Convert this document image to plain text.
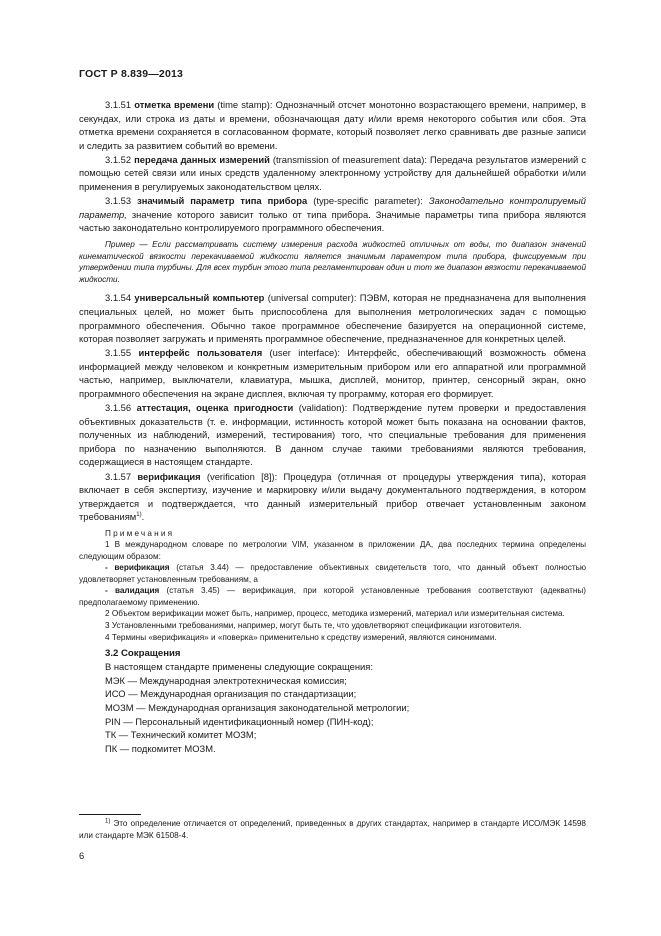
ГОСТ Р 8.839—2013

3.1.51 отметка времени (time stamp): Однозначный отсчет монотонно возрастающего времени, например, в секундах, или строка из даты и времени, обозначающая дату и/или время некоторого события или сбоя. Эта отметка времени сохраняется в согласованном формате, который позволяет легко сравнивать две разные записи и следить за развитием событий во времени.

3.1.52 передача данных измерений (transmission of measurement data): Передача результатов измерений с помощью сетей связи или иных средств удаленному электронному устройству для дальнейшей обработки и/или применения в регулируемых законодательством целях.

3.1.53 значимый параметр типа прибора (type-specific parameter): Законодательно контролируемый параметр, значение которого зависит только от типа прибора. Значимые параметры типа прибора являются частью законодательно контролируемого программного обеспечения.

Пример — Если рассматривать систему измерения расхода жидкостей отличных от воды, то диапазон значений кинематической вязкости перекачиваемой жидкости является значимым параметром типа прибора, фиксируемым при утверждении типа турбины. Для всех турбин этого типа регламентирован один и тот же диапазон вязкости перекачиваемой жидкости.

3.1.54 универсальный компьютер (universal computer): ПЭВМ, которая не предназначена для выполнения специальных целей, но может быть приспособлена для выполнения метрологических задач с помощью программного обеспечения. Обычно такое программное обеспечение базируется на операционной системе, которая позволяет загружать и применять программное обеспечение, предназначенное для конкретных целей.

3.1.55 интерфейс пользователя (user interface): Интерфейс, обеспечивающий возможность обмена информацией между человеком и конкретным измерительным прибором или его аппаратной или программной частью, например, выключатели, клавиатура, мышка, дисплей, монитор, принтер, сенсорный экран, окно программного обеспечения на экране дисплея, включая ту программу, которая его формирует.

3.1.56 аттестация, оценка пригодности (validation): Подтверждение путем проверки и предоставления объективных доказательств (т. е. информации, истинность которой может быть показана на основании фактов, полученных из наблюдений, измерений, тестирования) того, что специальные требования для применения прибора по назначению выполняются. В данном случае такими требованиями являются требования, содержащиеся в настоящем стандарте.

3.1.57 верификация (verification [8]): Процедура (отличная от процедуры утверждения типа), которая включает в себя экспертизу, изучение и маркировку и/или выдачу документального подтверждения, в котором утверждается и подтверждается, что данный измерительный прибор отвечает установленным законом требованиям$^{1)}$.

Примечания

1 В международном словаре по метрологии VIM, указанном в приложении ДА, два последних термина определены следующим образом:

- верификация (статья 3.44) — предоставление объективных свидетельств того, что данный объект полностью удовлетворяет установленным требованиям, а

- валидация (статья 3.45) — верификация, при которой установленные требования соответствуют (адекватны) предполагаемому применению.

2 Объектом верификации может быть, например, процесс, методика измерений, материал или измерительная система.

3 Установленными требованиями, например, могут быть те, что удовлетворяют спецификации изготовителя.

4 Термины «верификация» и «поверка» применительно к средству измерений, являются синонимами.

3.2 Сокращения
В настоящем стандарте применены следующие сокращения:
МЭК — Международная электротехническая комиссия;
ИСО — Международная организация по стандартизации;
МОЗМ — Международная организация законодательной метрологии;
PIN — Персональный идентификационный номер (ПИН-код);
ТК — Технический комитет МОЗМ;
ПК — подкомитет МОЗМ.
$^{1)}$ Это определение отличается от определений, приведенных в других стандартах, например в стандарте ИСО/МЭК 14598 или стандарте МЭК 61508-4.
6
